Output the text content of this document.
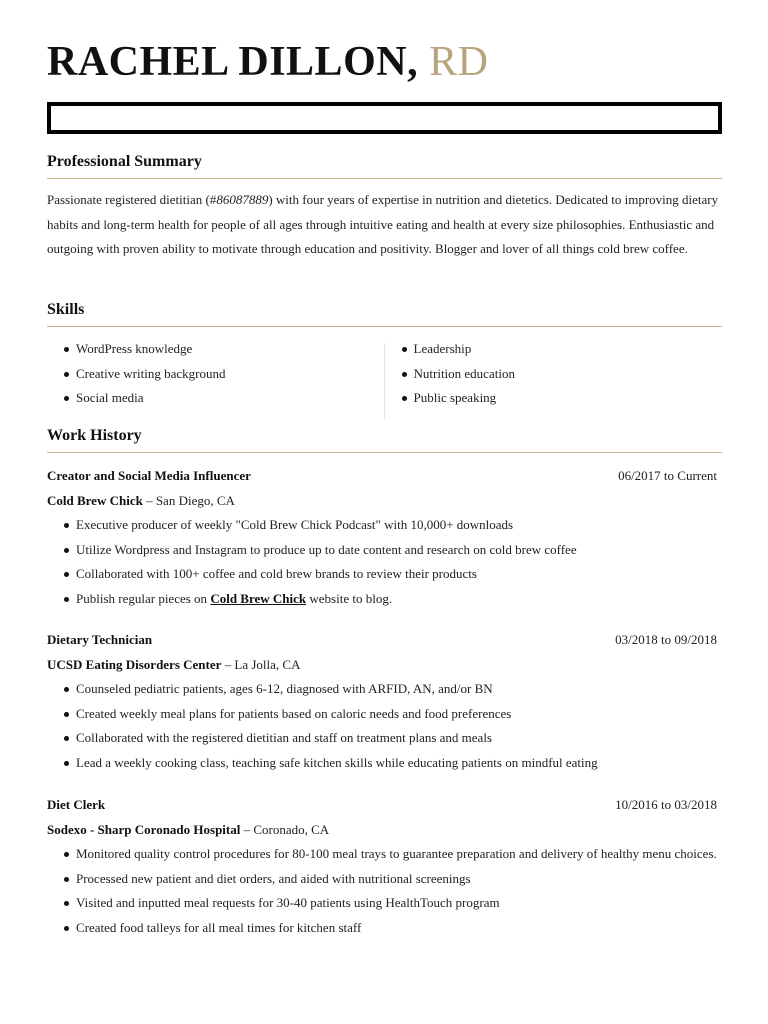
RACHEL DILLON, RD
Professional Summary

Passionate registered dietitian (#86087889) with four years of expertise in nutrition and dietetics. Dedicated to improving dietary habits and long-term health for people of all ages through intuitive eating and health at every size philosophies. Enthusiastic and outgoing with proven ability to motivate through education and positivity. Blogger and lover of all things cold brew coffee.

Skills
WordPress knowledge
Creative writing background
Social media
Leadership
Nutrition education
Public speaking
Work History
Creator and Social Media Influencer	06/2017 to Current
Cold Brew Chick – San Diego, CA
Executive producer of weekly "Cold Brew Chick Podcast" with 10,000+ downloads
Utilize Wordpress and Instagram to produce up to date content and research on cold brew coffee
Collaborated with 100+ coffee and cold brew brands to review their products
Publish regular pieces on Cold Brew Chick website to blog.
Dietary Technician	03/2018 to 09/2018
UCSD Eating Disorders Center – La Jolla, CA
Counseled pediatric patients, ages 6-12, diagnosed with ARFID, AN, and/or BN
Created weekly meal plans for patients based on caloric needs and food preferences
Collaborated with the registered dietitian and staff on treatment plans and meals
Lead a weekly cooking class, teaching safe kitchen skills while educating patients on mindful eating
Diet Clerk	10/2016 to 03/2018
Sodexo - Sharp Coronado Hospital – Coronado, CA
Monitored quality control procedures for 80-100 meal trays to guarantee preparation and delivery of healthy menu choices.
Processed new patient and diet orders, and aided with nutritional screenings
Visited and inputted meal requests for 30-40 patients using HealthTouch program
Created food talleys for all meal times for kitchen staff
